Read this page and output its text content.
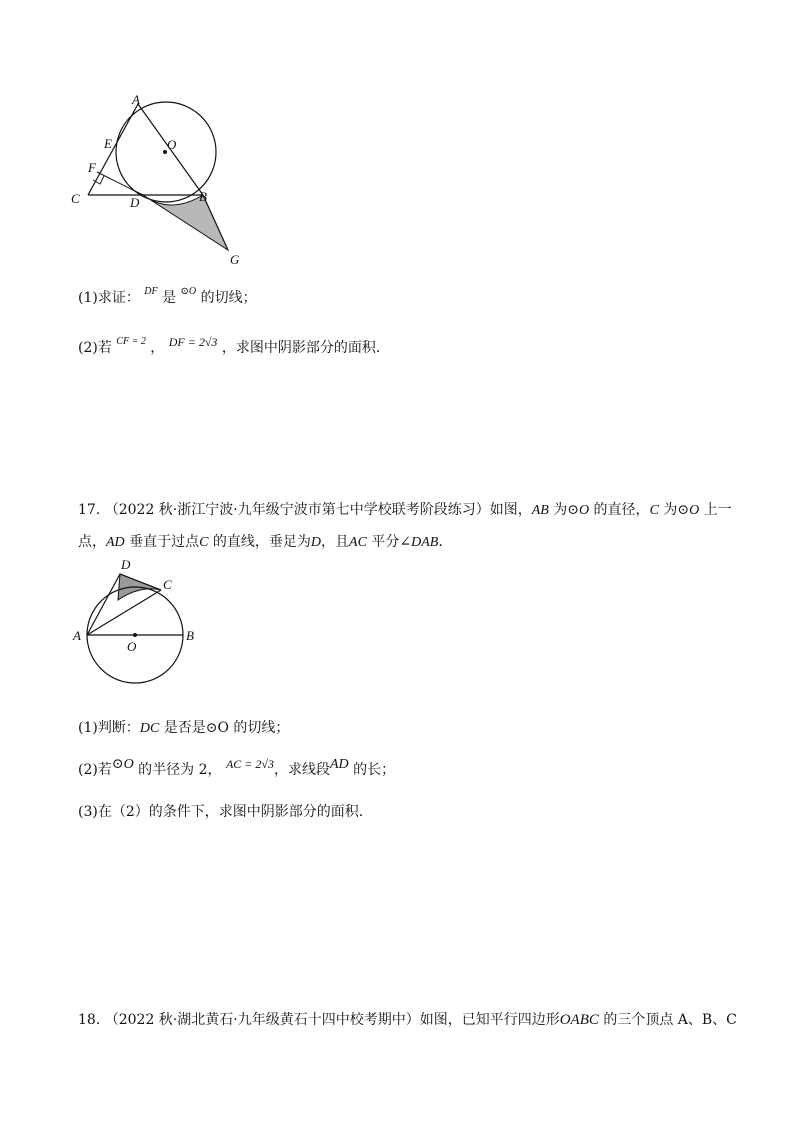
A
E	O
F
C	D	B
G
(1)求证： $^{DF}$ 是 $^{⊙O}$ 的切线；
(2)若 $^{CF = 2}$ ， DF = 2√3 ，求图中阴影部分的面积.
17. （2022 秋·浙江宁波·九年级宁波市第七中学校联考阶段练习）如图，AB 为⊙O 的直径，C 为⊙O 上一
点，AD 垂直于过点C 的直线，垂足为D，且AC 平分∠DAB.
D
C
A
O
B
(1)判断：DC 是否是⊙O 的切线；
(2)若⊙O 的半径为 2， AC = 2√3，求线段AD 的长；
(3)在（2）的条件下，求图中阴影部分的面积.
18. （2022 秋·湖北黄石·九年级黄石十四中校考期中）如图，已知平行四边形OABC 的三个顶点 A、B、C
